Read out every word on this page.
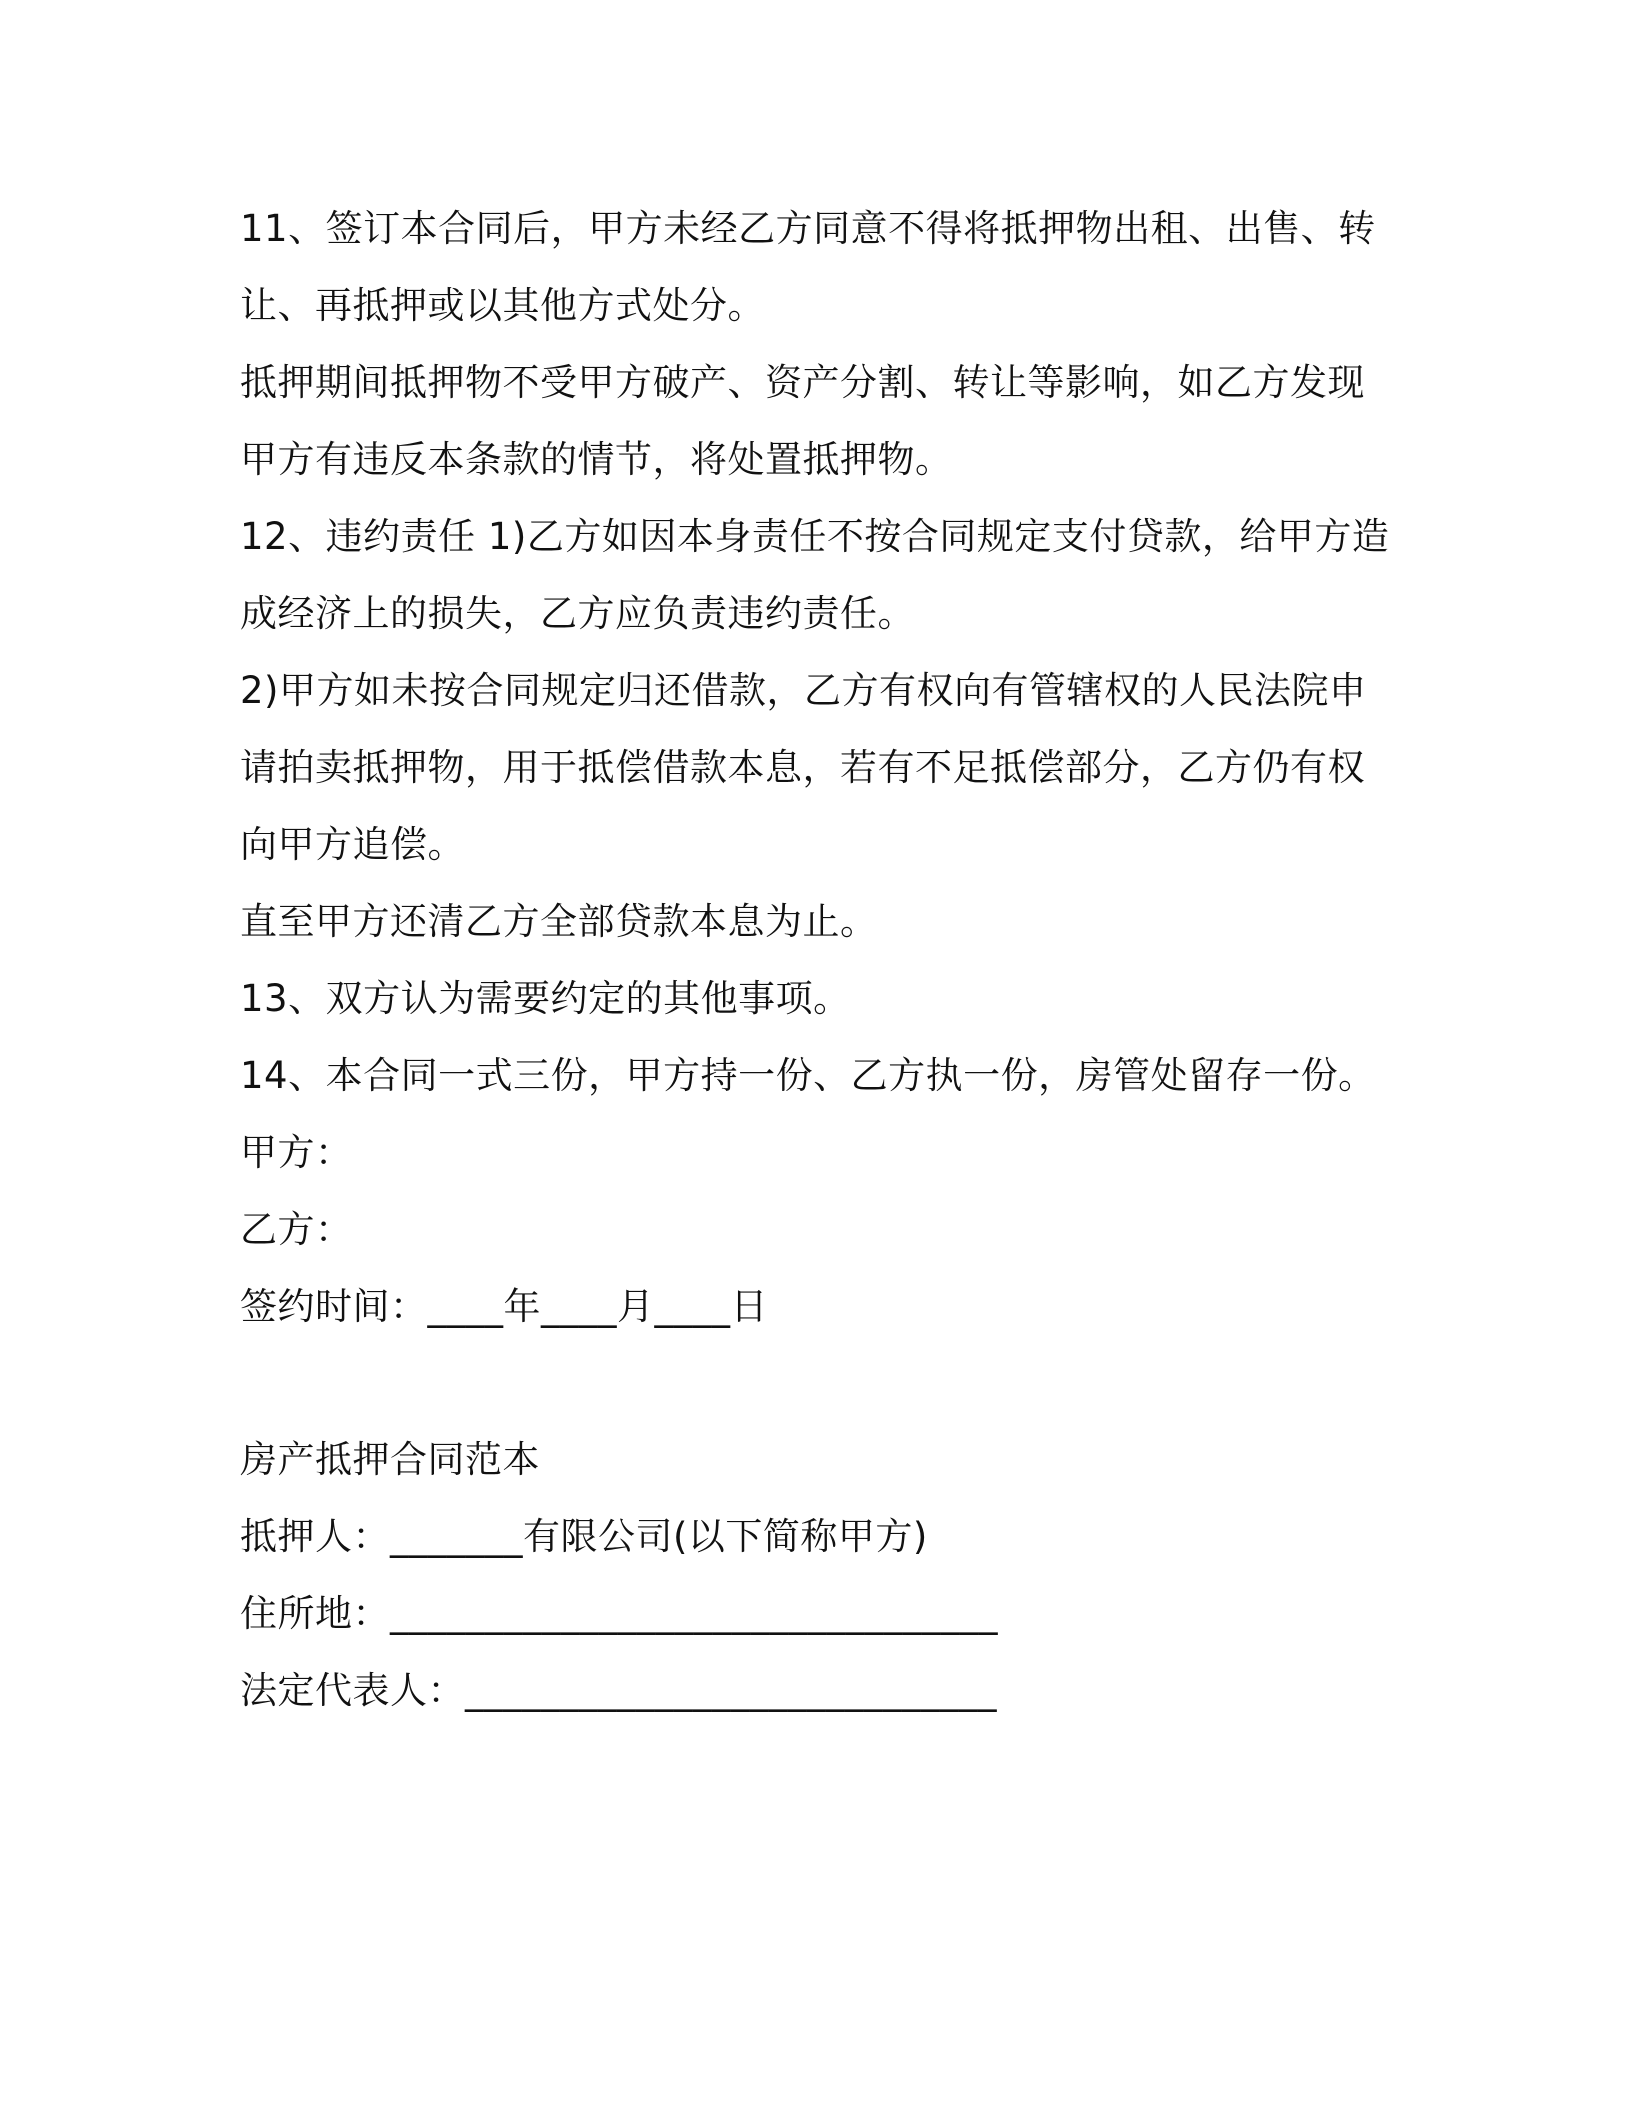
11、签订本合同后，甲方未经乙方同意不得将抵押物出租、出售、转
让、再抵押或以其他方式处分。
抵押期间抵押物不受甲方破产、资产分割、转让等影响，如乙方发现
甲方有违反本条款的情节，将处置抵押物。
12、违约责任 1)乙方如因本身责任不按合同规定支付贷款，给甲方造
成经济上的损失，乙方应负责违约责任。
2)甲方如未按合同规定归还借款，乙方有权向有管辖权的人民法院申
请拍卖抵押物，用于抵偿借款本息，若有不足抵偿部分，乙方仍有权
向甲方追偿。
直至甲方还清乙方全部贷款本息为止。
13、双方认为需要约定的其他事项。
14、本合同一式三份，甲方持一份、乙方执一份，房管处留存一份。
甲方：
乙方：
签约时间：____年____月____日
房产抵押合同范本
抵押人：_______有限公司(以下简称甲方)
住所地：________________________________
法定代表人：____________________________
